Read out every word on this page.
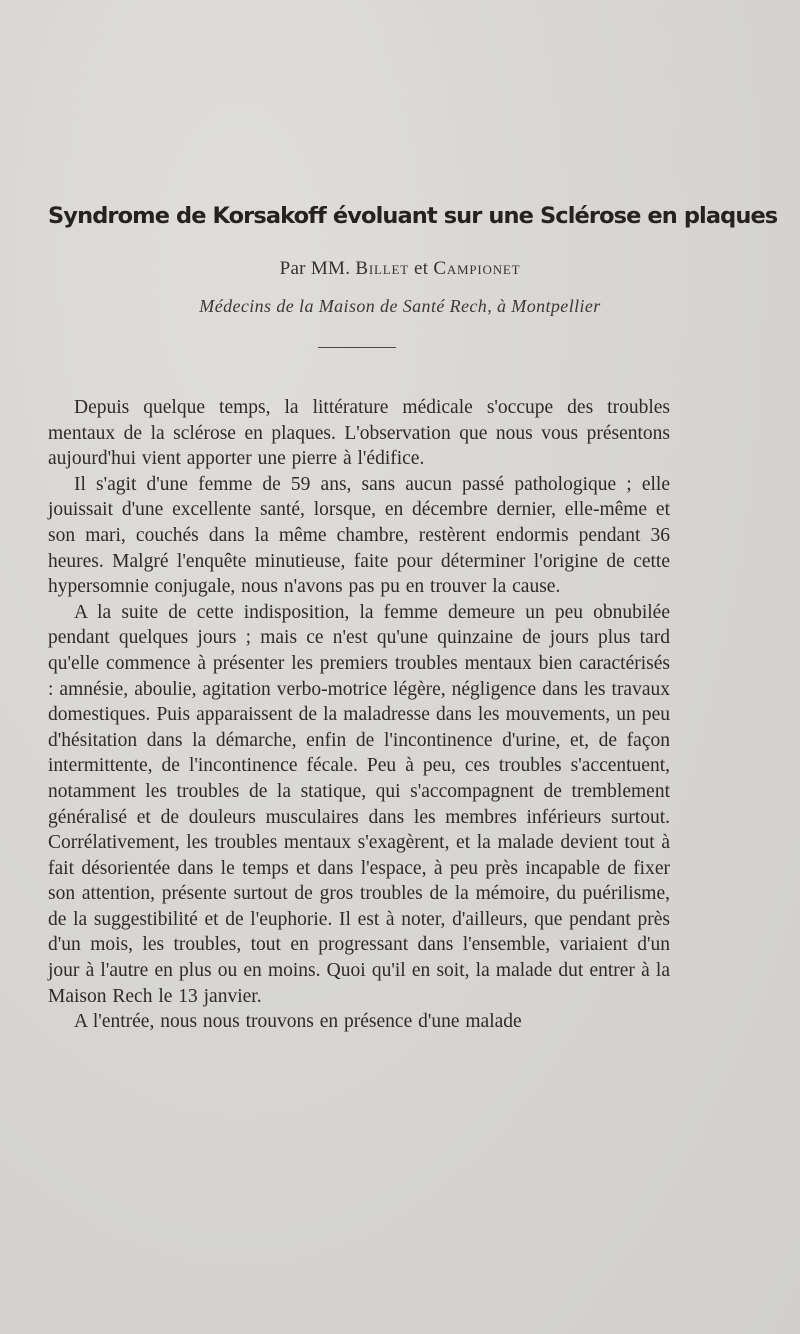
Syndrome de Korsakoff évoluant sur une Sclérose en plaques
Par MM. Billet et Campionet
Médecins de la Maison de Santé Rech, à Montpellier

Depuis quelque temps, la littérature médicale s'occupe des troubles mentaux de la sclérose en plaques. L'observation que nous vous présentons aujourd'hui vient apporter une pierre à l'édifice.

Il s'agit d'une femme de 59 ans, sans aucun passé pathologique ; elle jouissait d'une excellente santé, lorsque, en décembre dernier, elle-même et son mari, couchés dans la même chambre, restèrent endormis pendant 36 heures. Malgré l'enquête minutieuse, faite pour déterminer l'origine de cette hypersomnie conjugale, nous n'avons pas pu en trouver la cause.

A la suite de cette indisposition, la femme demeure un peu obnubilée pendant quelques jours ; mais ce n'est qu'une quinzaine de jours plus tard qu'elle commence à présenter les premiers troubles mentaux bien caractérisés : amnésie, aboulie, agitation verbo-motrice légère, négligence dans les travaux domestiques. Puis apparaissent de la maladresse dans les mouvements, un peu d'hésitation dans la démarche, enfin de l'incontinence d'urine, et, de façon intermittente, de l'incontinence fécale. Peu à peu, ces troubles s'accentuent, notamment les troubles de la statique, qui s'accompagnent de tremblement généralisé et de douleurs musculaires dans les membres inférieurs surtout. Corrélativement, les troubles mentaux s'exagèrent, et la malade devient tout à fait désorientée dans le temps et dans l'espace, à peu près incapable de fixer son attention, présente surtout de gros troubles de la mémoire, du puérilisme, de la suggestibilité et de l'euphorie. Il est à noter, d'ailleurs, que pendant près d'un mois, les troubles, tout en progressant dans l'ensemble, variaient d'un jour à l'autre en plus ou en moins. Quoi qu'il en soit, la malade dut entrer à la Maison Rech le 13 janvier.

A l'entrée, nous nous trouvons en présence d'une malade
